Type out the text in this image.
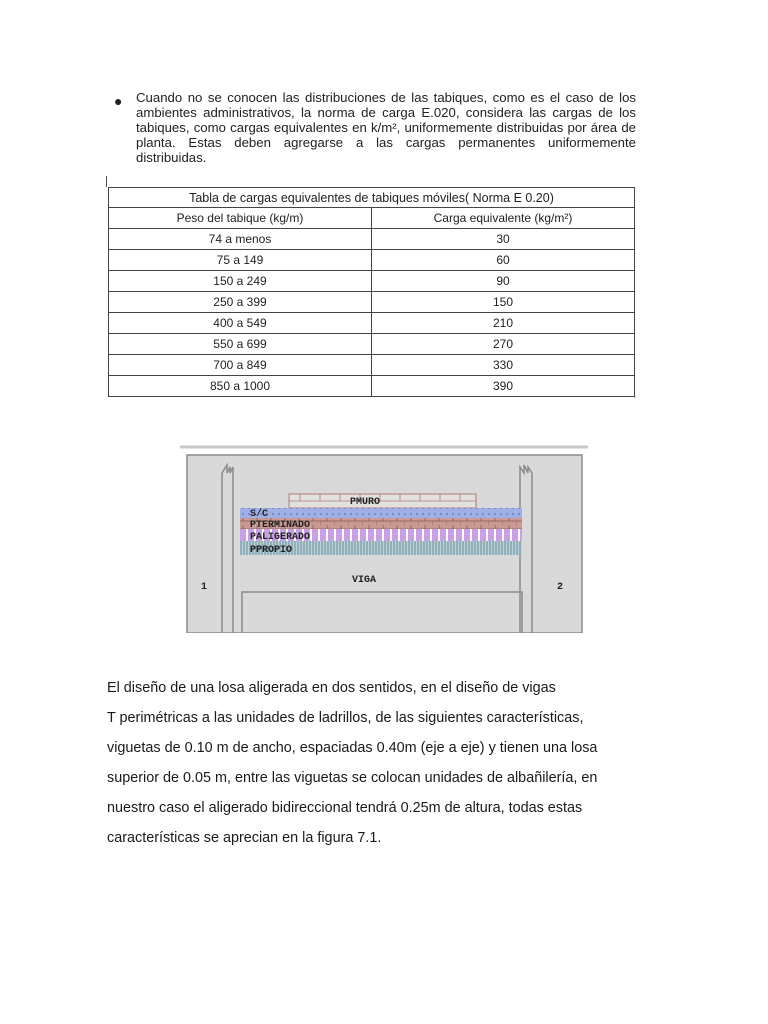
● Cuando no se conocen las distribuciones de las tabiques, como es el caso de los ambientes administrativos, la norma de carga E.020, considera las cargas de los tabiques, como cargas equivalentes en k/m², uniformemente distribuidas por área de planta. Estas deben agregarse a las cargas permanentes uniformemente distribuidas.
Tabla de cargas equivalentes de tabiques móviles( Norma E 0.20)	
Peso del tabique (kg/m)	Carga equivalente (kg/m²)
74 a menos	30
75 a 149	60
150 a 249	90
250 a 399	150
400 a 549	210
550 a 699	270
700 a 849	330
850 a 1000	390
ι
PMURO
S/C
PTERMINADO
PALIGERADO
PPROPIO
VIGA
1	2
El diseño de una losa aligerada en dos sentidos, en el diseño de vigas
T perimétricas a las unidades de ladrillos, de las siguientes características,
viguetas de 0.10 m de ancho, espaciadas 0.40m (eje a eje) y tienen una losa
superior de 0.05 m, entre las viguetas se colocan unidades de albañilería, en
nuestro caso el aligerado bidireccional tendrá 0.25m de altura, todas estas
características se aprecian en la figura 7.1.
